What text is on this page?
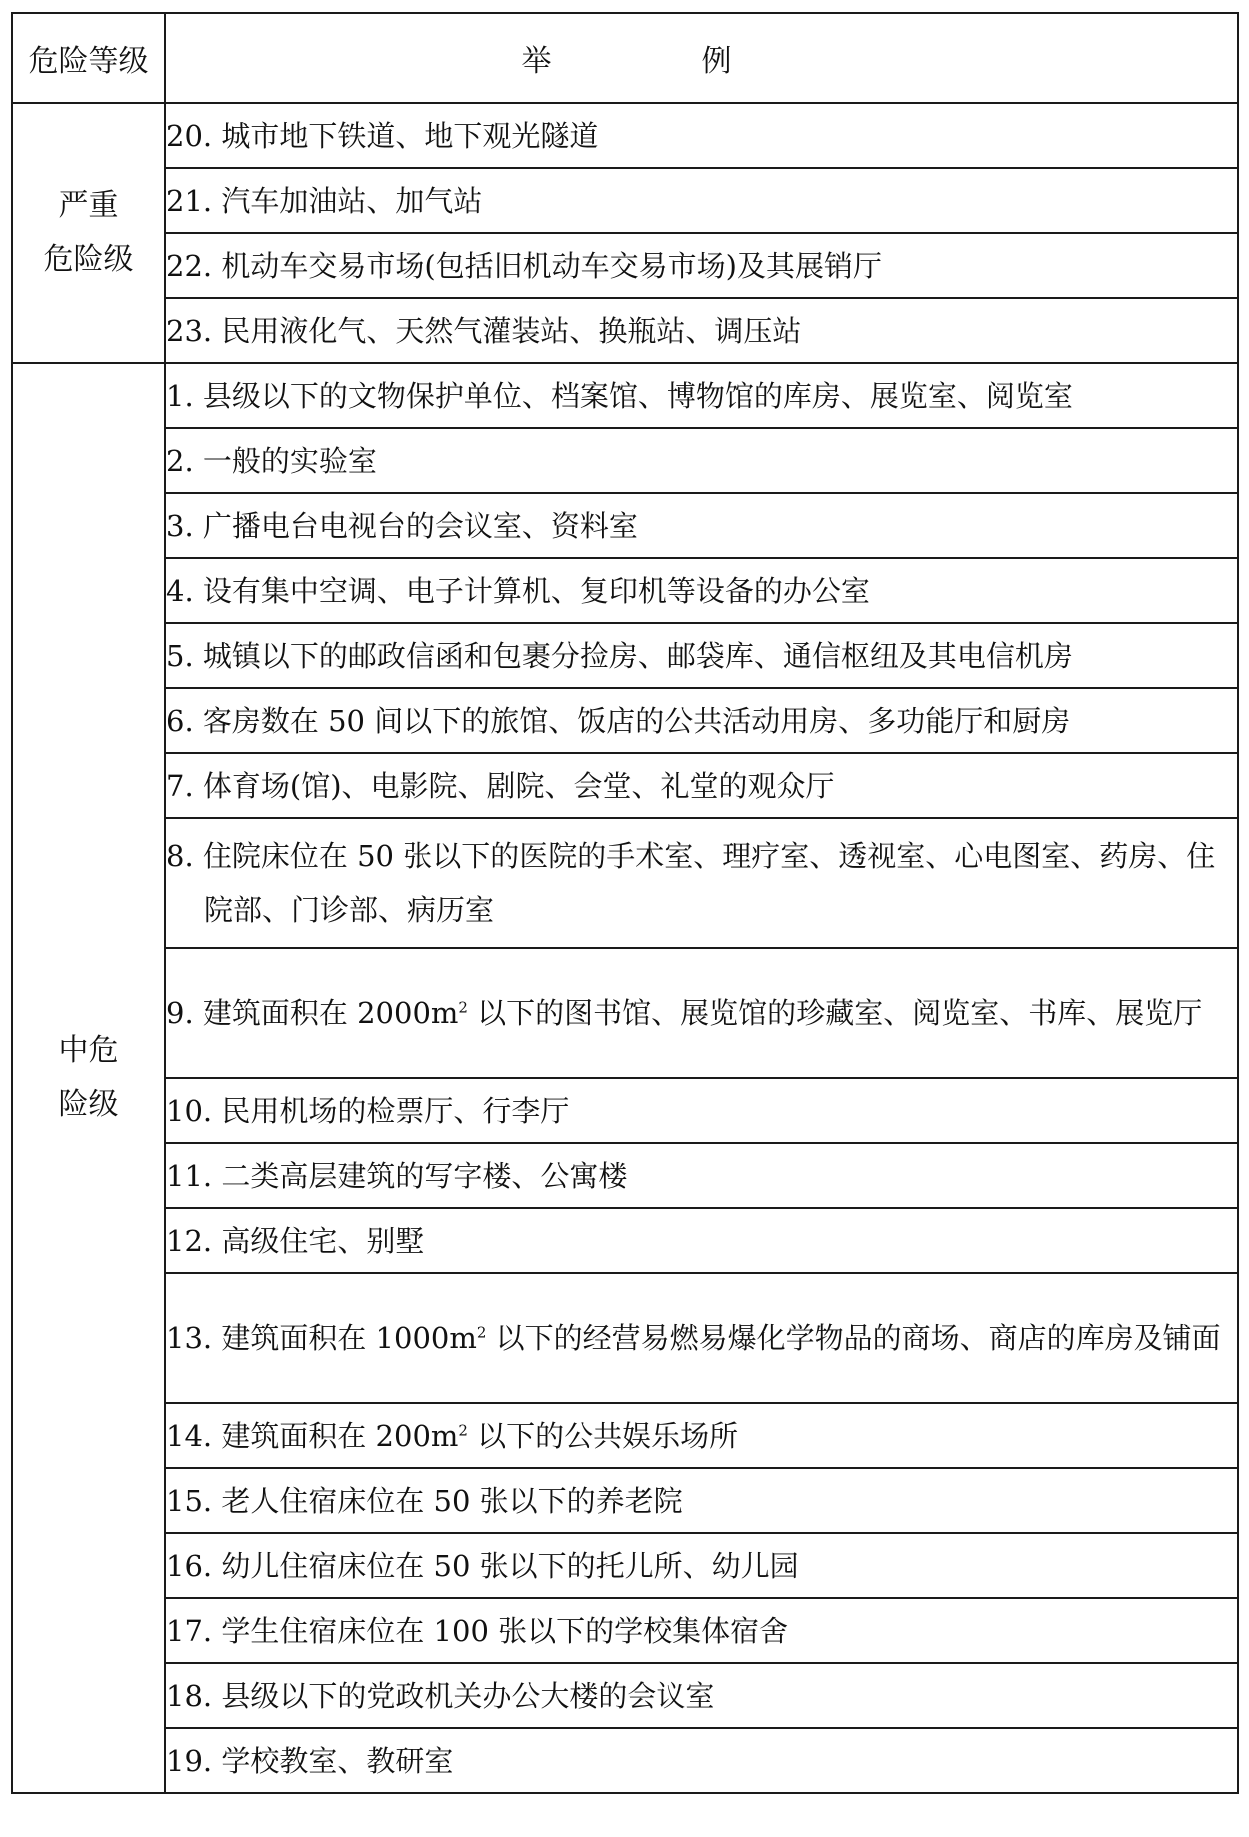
危险等级	举例

严重
危险级	20. 城市地下铁道、地下观光隧道
	21. 汽车加油站、加气站
	22. 机动车交易市场(包括旧机动车交易市场)及其展销厅
	23. 民用液化气、天然气灌装站、换瓶站、调压站

中危
险级	1. 县级以下的文物保护单位、档案馆、博物馆的库房、展览室、阅览室
	2. 一般的实验室
	3. 广播电台电视台的会议室、资料室
	4. 设有集中空调、电子计算机、复印机等设备的办公室
	5. 城镇以下的邮政信函和包裹分捡房、邮袋库、通信枢纽及其电信机房
	6. 客房数在 50 间以下的旅馆、饭店的公共活动用房、多功能厅和厨房
	7. 体育场(馆)、电影院、剧院、会堂、礼堂的观众厅

	8. 住院床位在 50 张以下的医院的手术室、理疗室、透视室、心电图室、药房、住院部、门诊部、病历室

	9. 建筑面积在 $2000m^2$ 以下的图书馆、展览馆的珍藏室、阅览室、书库、展览厅

	10. 民用机场的检票厅、行李厅
	11. 二类高层建筑的写字楼、公寓楼
	12. 高级住宅、别墅

	13. 建筑面积在 $1000m^2$ 以下的经营易燃易爆化学物品的商场、商店的库房及铺面

	14. 建筑面积在 $200m^2$ 以下的公共娱乐场所
	15. 老人住宿床位在 50 张以下的养老院
	16. 幼儿住宿床位在 50 张以下的托儿所、幼儿园
	17. 学生住宿床位在 100 张以下的学校集体宿舍
	18. 县级以下的党政机关办公大楼的会议室
	19. 学校教室、教研室
